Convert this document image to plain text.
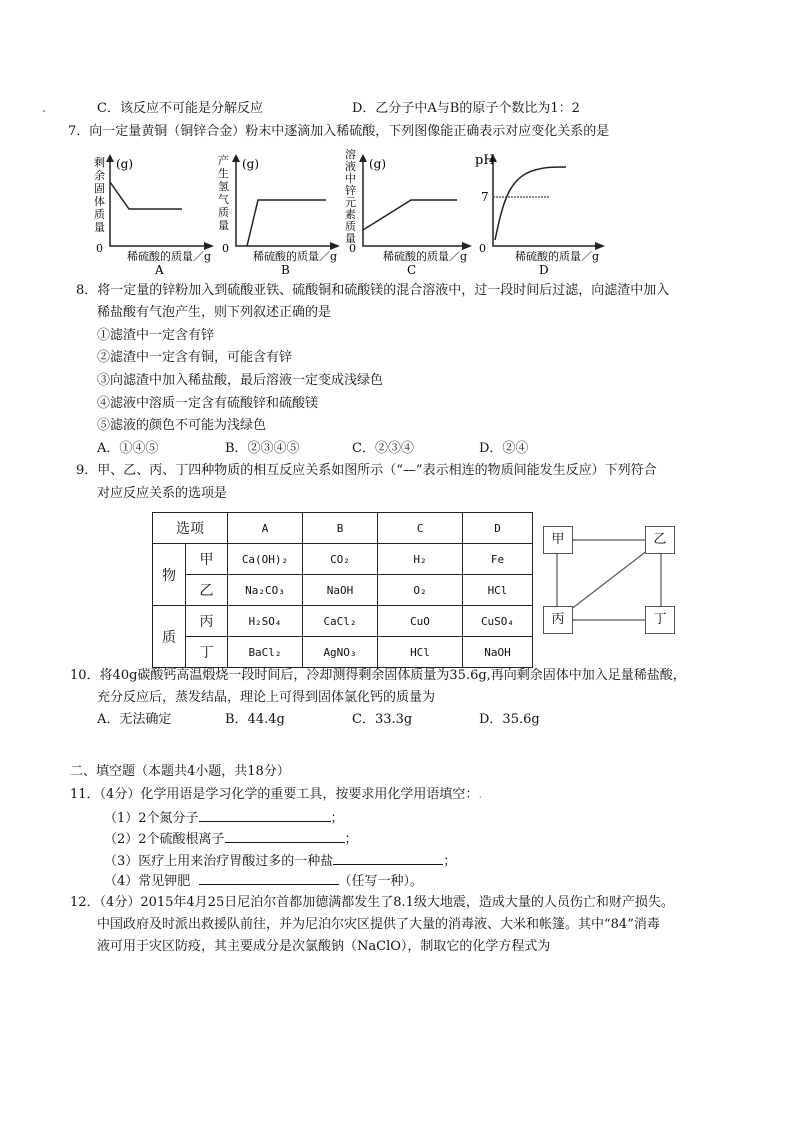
.	C．该反应不可能是分解反应	D．乙分子中A与B的原子个数比为1：2
7．向一定量黄铜（铜锌合金）粉末中逐滴加入稀硫酸，下列图像能正确表示对应变化关系的是
剩余固体质量
(g)
0
稀硫酸的质量／g
A
产生氢气质量
(g)
0
稀硫酸的质量／g
B
溶液中锌元素质量
(g)
0
稀硫酸的质量／g
C
pH
7
0
稀硫酸的质量／g
D
8．将一定量的锌粉加入到硫酸亚铁、硫酸铜和硫酸镁的混合溶液中，过一段时间后过滤，向滤渣中加入
稀盐酸有气泡产生，则下列叙述正确的是
①滤渣中一定含有锌
②滤渣中一定含有铜，可能含有锌
③向滤渣中加入稀盐酸，最后溶液一定变成浅绿色
④滤液中溶质一定含有硫酸锌和硫酸镁
⑤滤液的颜色不可能为浅绿色
A．①④⑤	B．②③④⑤	C．②③④	D．②④
9．甲、乙、丙、丁四种物质的相互反应关系如图所示（“—”表示相连的物质间能发生反应）下列符合
对应反应关系的选项是
选项		A	B	C	D
物	甲	Ca(OH)₂	CO₂	H₂	Fe
	乙	Na₂CO₃	NaOH	O₂	HCl
质	丙	H₂SO₄	CaCl₂	CuO	CuSO₄
	丁	BaCl₂	AgNO₃	HCl	NaOH
甲	乙
丙	丁
10．将40g碳酸钙高温煅烧一段时间后，冷却测得剩余固体质量为35.6g,再向剩余固体中加入足量稀盐酸，
充分反应后，蒸发结晶，理论上可得到固体氯化钙的质量为
A．无法确定	B．44.4g	C．33.3g	D．35.6g
二、填空题（本题共4小题，共18分）
11．（4分）化学用语是学习化学的重要工具，按要求用化学用语填空：.
（1）2个氮分子	；
（2）2个硫酸根离子	；
（3）医疗上用来治疗胃酸过多的一种盐	；
（4）常见钾肥	（任写一种）。
12．（4分）2015年4月25日尼泊尔首都加德满都发生了8.1级大地震，造成大量的人员伤亡和财产损失。
中国政府及时派出救援队前往，并为尼泊尔灾区提供了大量的消毒液、大米和帐篷。其中“84”消毒
液可用于灾区防疫，其主要成分是次氯酸钠（NaClO），制取它的化学方程式为
